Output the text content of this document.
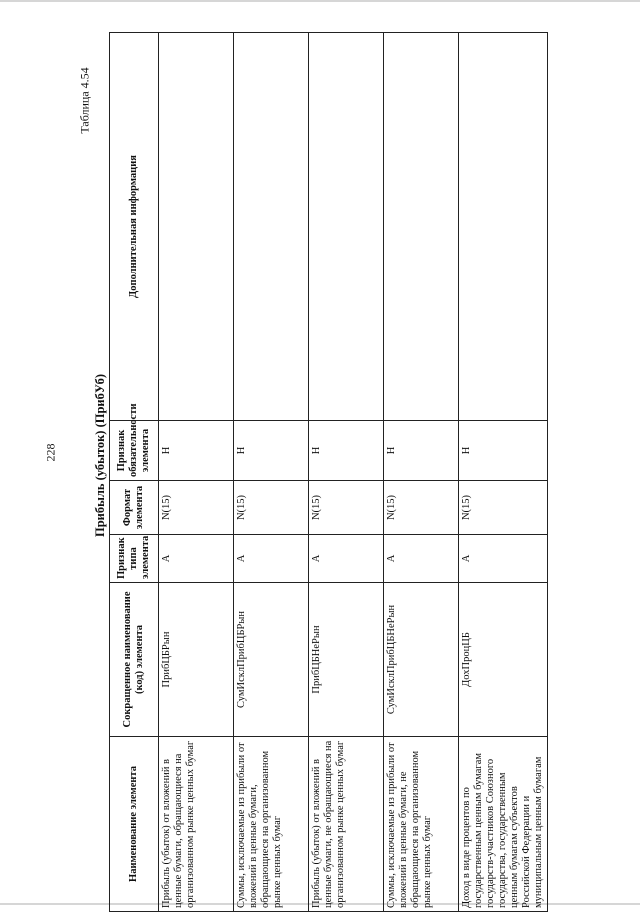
228
Таблица 4.54
Прибыль (убыток) (ПрибУб)
Наименование элемента	Сокращенное наименование (код) элемента	Признак типа элемента	Формат элемента	Признак обязательности элемента	Дополнительная информация
Прибыль (убыток) от вложений в ценные бумаги, обращающиеся на организованном рынке ценных бумаг	ПрибЦБРын	А	N(15)	Н	
Суммы, исключаемые из прибыли от вложений в ценные бумаги, обращающиеся на организованном рынке ценных бумаг	СумИсклПрибЦБРын	А	N(15)	Н	
Прибыль (убыток) от вложений в ценные бумаги, не обращающиеся на организованном рынке ценных бумаг	ПрибЦБНеРын	А	N(15)	Н	
Суммы, исключаемые из прибыли от вложений в ценные бумаги, не обращающиеся на организованном рынке ценных бумаг	СумИсклПрибЦБНеРын	А	N(15)	Н	
Доход в виде процентов по государственным ценным бумагам государств-участников Союзного государства, государственным ценным бумагам субъектов Российской Федерации и муниципальным ценным бумагам	ДохПроцЦБ	А	N(15)	Н	
